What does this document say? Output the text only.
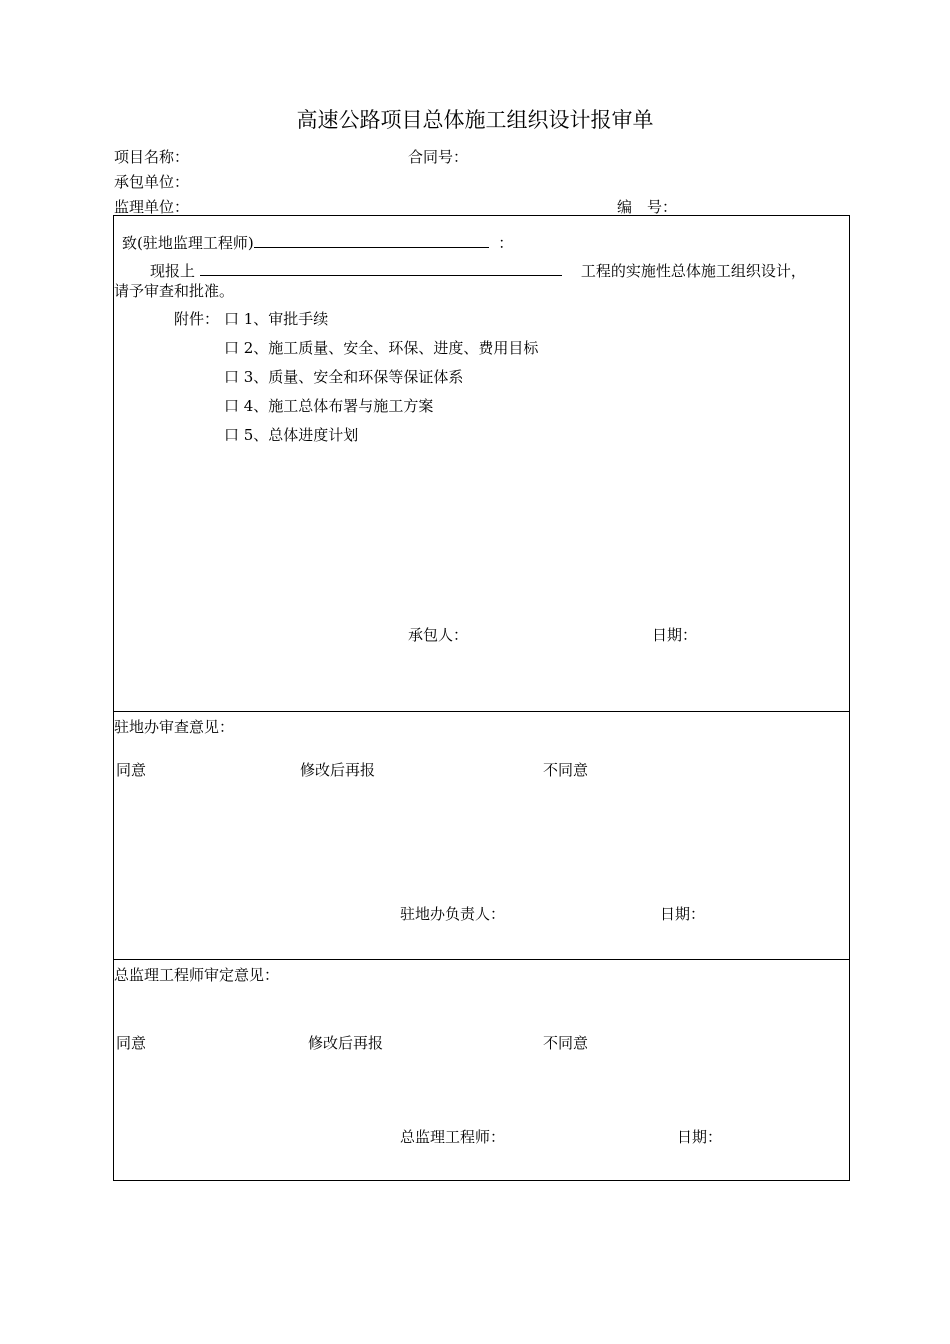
高速公路项目总体施工组织设计报审单
项目名称：	合同号：
承包单位：
监理单位：	编　号：
致(驻地监理工程师)	：
现报上	工程的实施性总体施工组织设计，
请予审查和批准。
附件： 口 1、审批手续
口 2、施工质量、安全、环保、进度、费用目标
口 3、质量、安全和环保等保证体系
口 4、施工总体布署与施工方案
口 5、总体进度计划
承包人：	日期：
驻地办审查意见：
同意	修改后再报	不同意
驻地办负责人：	日期：
总监理工程师审定意见：
同意	修改后再报	不同意
总监理工程师：	日期：
